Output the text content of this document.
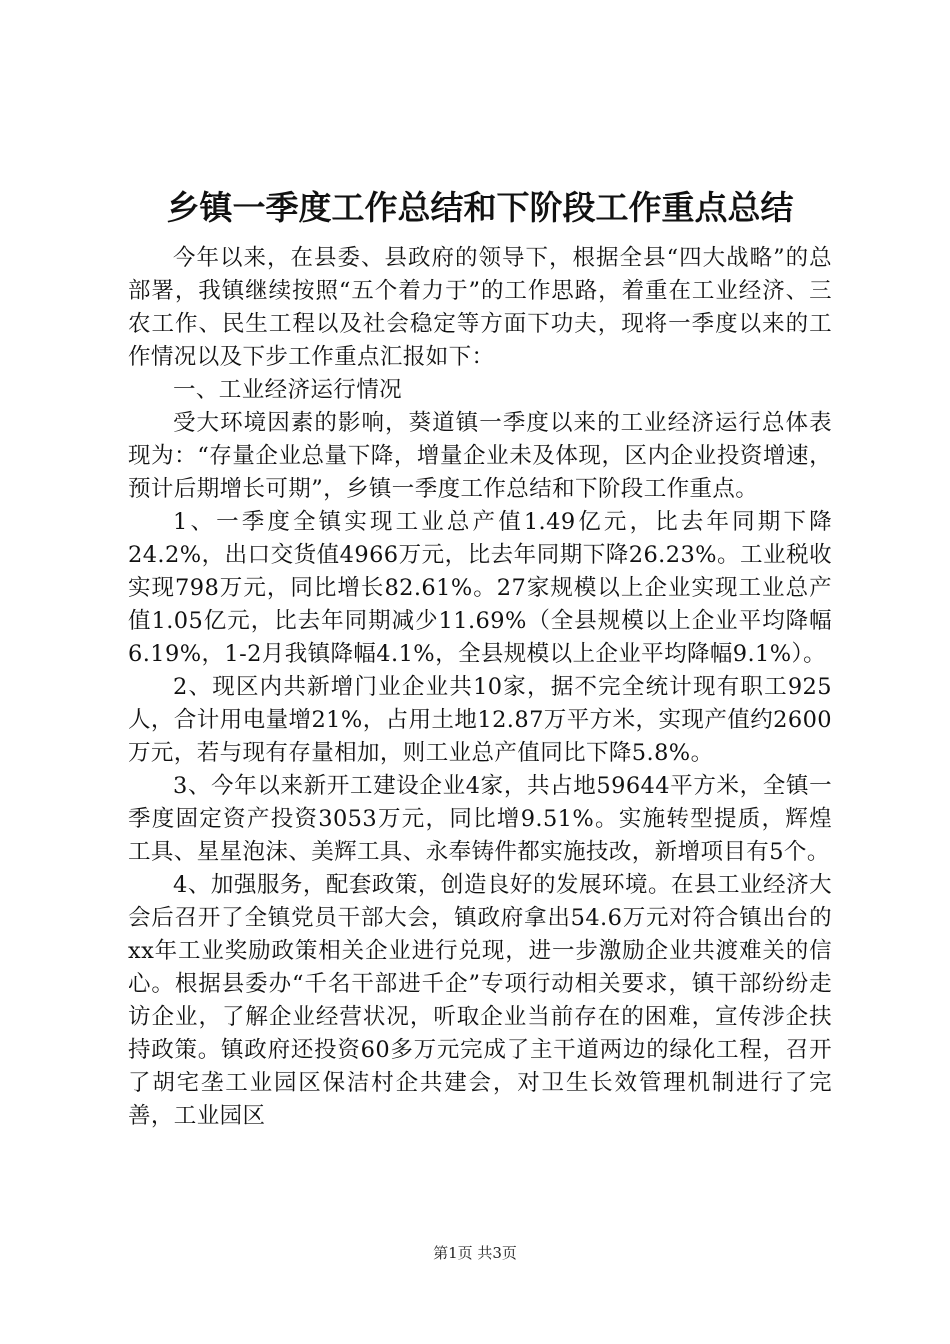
乡镇一季度工作总结和下阶段工作重点总结

今年以来，在县委、县政府的领导下，根据全县“四大战略”的总部署，我镇继续按照“五个着力于”的工作思路，着重在工业经济、三农工作、民生工程以及社会稳定等方面下功夫，现将一季度以来的工作情况以及下步工作重点汇报如下：

一、工业经济运行情况

受大环境因素的影响，葵道镇一季度以来的工业经济运行总体表现为：“存量企业总量下降，增量企业未及体现，区内企业投资增速，预计后期增长可期”，乡镇一季度工作总结和下阶段工作重点。

1、一季度全镇实现工业总产值1.49亿元，比去年同期下降24.2%，出口交货值4966万元，比去年同期下降26.23%。工业税收实现798万元，同比增长82.61%。27家规模以上企业实现工业总产值1.05亿元，比去年同期减少11.69%（全县规模以上企业平均降幅6.19%，1-2月我镇降幅4.1%，全县规模以上企业平均降幅9.1%）。

2、现区内共新增门业企业共10家，据不完全统计现有职工925人，合计用电量增21%，占用土地12.87万平方米，实现产值约2600万元，若与现有存量相加，则工业总产值同比下降5.8%。

3、今年以来新开工建设企业4家，共占地59644平方米，全镇一季度固定资产投资3053万元，同比增9.51%。实施转型提质，辉煌工具、星星泡沫、美辉工具、永奉铸件都实施技改，新增项目有5个。

4、加强服务，配套政策，创造良好的发展环境。在县工业经济大会后召开了全镇党员干部大会，镇政府拿出54.6万元对符合镇出台的xx年工业奖励政策相关企业进行兑现，进一步激励企业共渡难关的信心。根据县委办“千名干部进千企”专项行动相关要求，镇干部纷纷走访企业，了解企业经营状况，听取企业当前存在的困难，宣传涉企扶持政策。镇政府还投资60多万元完成了主干道两边的绿化工程，召开了胡宅垄工业园区保洁村企共建会，对卫生长效管理机制进行了完善，工业园区

第1页 共3页
